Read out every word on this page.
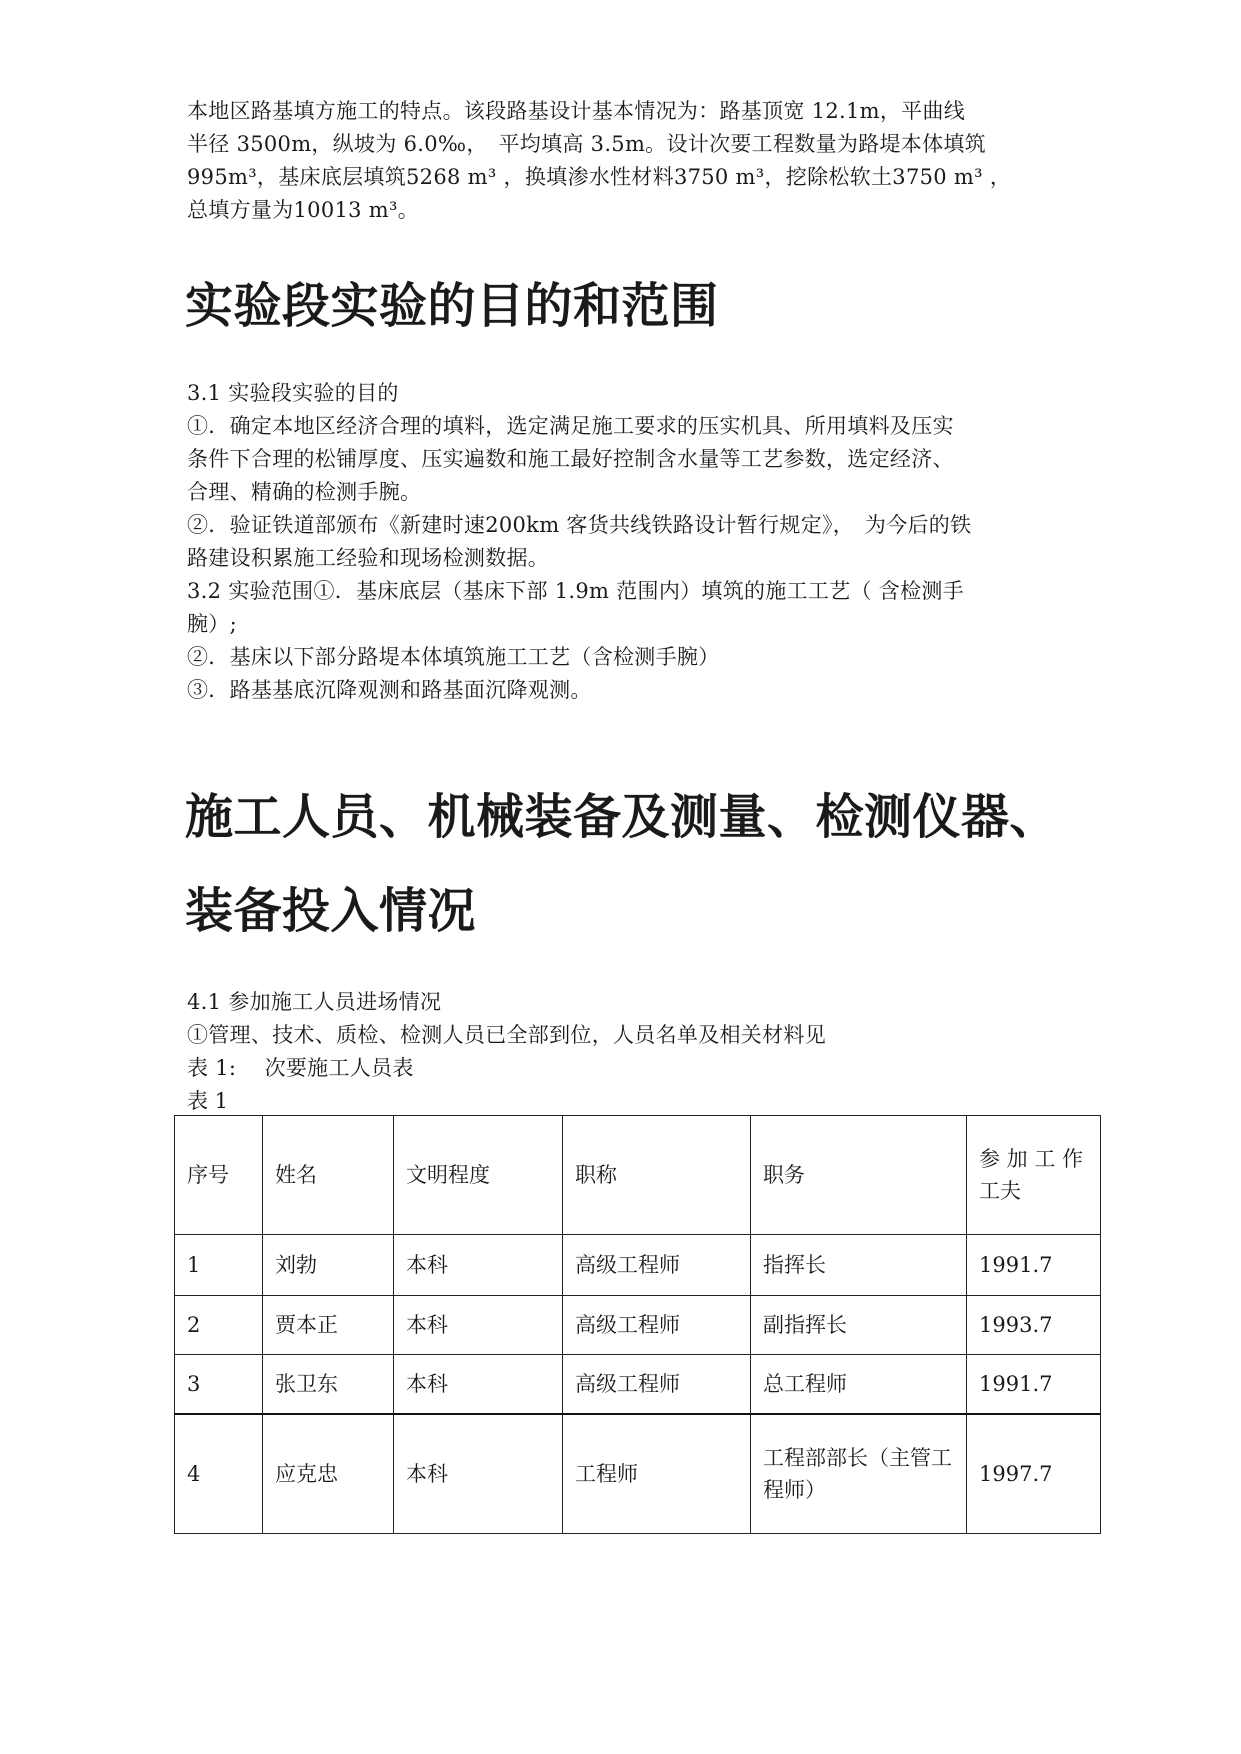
本地区路基填方施工的特点。该段路基设计基本情况为：路基顶宽 12.1m，平曲线

半径 3500m，纵坡为 6.0‰，　平均填高 3.5m。设计次要工程数量为路堤本体填筑

995m³，基床底层填筑5268 m³ ，换填渗水性材料3750 m³，挖除松软土3750 m³ ，

总填方量为10013 m³。

实验段实验的目的和范围

3.1 实验段实验的目的

①．确定本地区经济合理的填料，选定满足施工要求的压实机具、所用填料及压实

条件下合理的松铺厚度、压实遍数和施工最好控制含水量等工艺参数，选定经济、

合理、精确的检测手腕。

②．验证铁道部颁布《新建时速200km 客货共线铁路设计暂行规定》，　为今后的铁

路建设积累施工经验和现场检测数据。

3.2 实验范围①．基床底层（基床下部 1.9m 范围内）填筑的施工工艺（ 含检测手

腕）;

②．基床以下部分路堤本体填筑施工工艺（含检测手腕）

③．路基基底沉降观测和路基面沉降观测。

施工人员、机械装备及测量、检测仪器、
装备投入情况

4.1 参加施工人员进场情况

①管理、技术、质检、检测人员已全部到位，人员名单及相关材料见

表 1:　 次要施工人员表

表 1
序号	姓名	文明程度	职称	职务	参 加 工 作 工夫
1	刘勃	本科	高级工程师	指挥长	1991.7
2	贾本正	本科	高级工程师	副指挥长	1993.7
3	张卫东	本科	高级工程师	总工程师	1991.7
4	应克忠	本科	工程师	工程部部长（主管工程师）	1997.7
